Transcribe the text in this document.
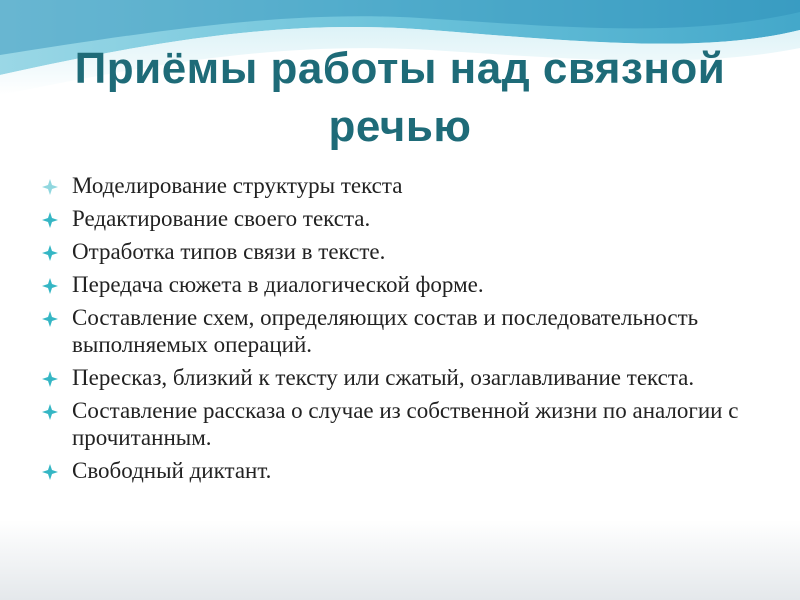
Приёмы работы над связной речью
Моделирование структуры текста
Редактирование своего текста.
Отработка типов связи в тексте.
Передача сюжета в диалогической форме.
Составление схем, определяющих состав и последовательность выполняемых операций.
Пересказ, близкий к тексту или сжатый, озаглавливание текста.
Составление рассказа о случае из собственной жизни по аналогии с прочитанным.
Свободный диктант.
